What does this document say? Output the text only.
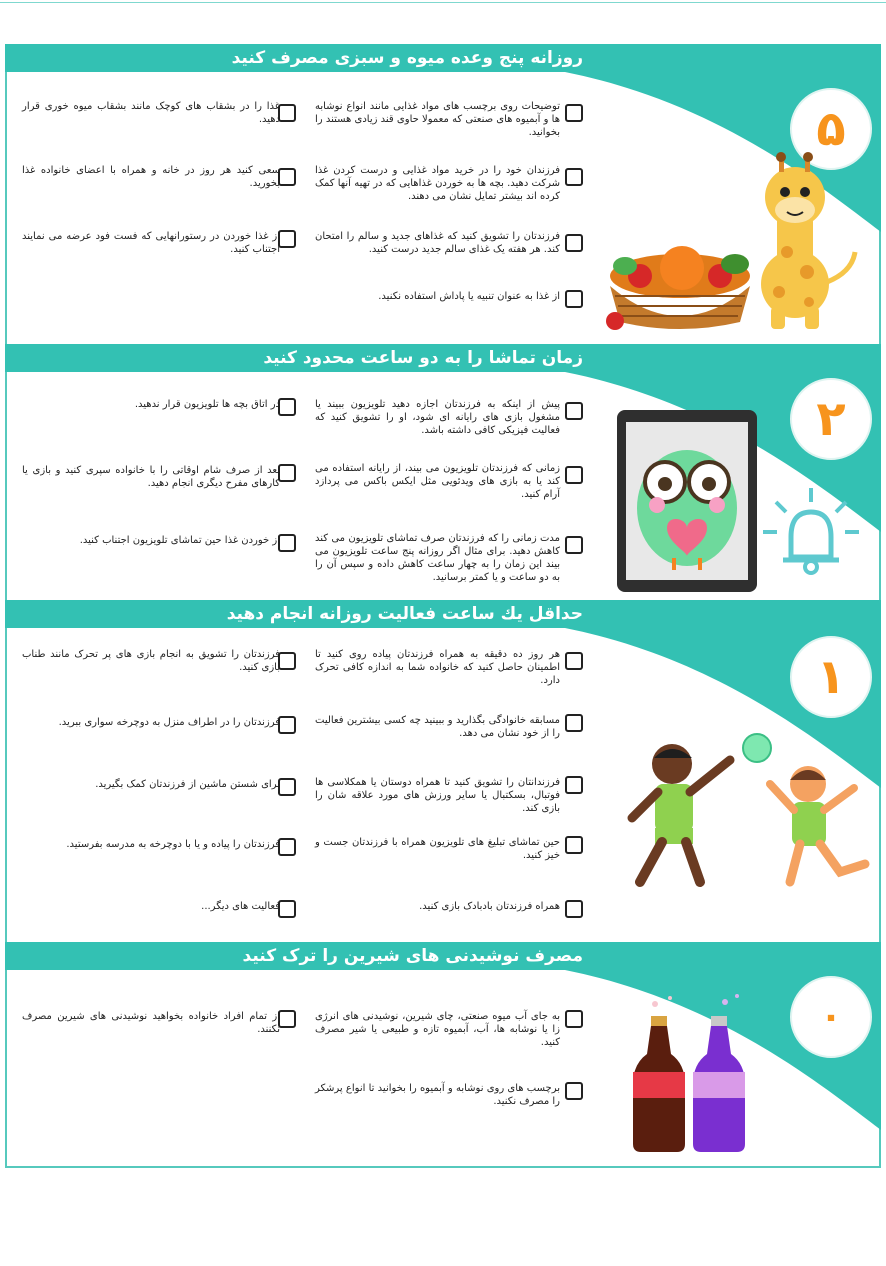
روزانه پنج وعده میوه و سبزی مصرف کنید
۵
توضیحات روی برچسب های مواد غذایی مانند انواع نوشابه ها و آبمیوه های صنعتی که معمولا حاوی قند زیادی هستند را بخوانید.
فرزندان خود را در خرید مواد غذایی و درست کردن غذا شرکت دهید. بچه ها به خوردن غذاهایی که در تهیه آنها کمک کرده اند بیشتر تمایل نشان می دهند.
فرزندتان را تشویق کنید که غذاهای جدید و سالم را امتحان کند. هر هفته یک غذای سالم جدید درست کنید.
از غذا به عنوان تنبیه یا پاداش استفاده نکنید.
غذا را در بشقاب های کوچک مانند بشقاب میوه خوری قرار دهید.
سعی کنید هر روز در خانه و همراه با اعضای خانواده غذا بخورید.
از غذا خوردن در رستورانهایی که فست فود عرضه می نمایند اجتناب کنید.
زمان تماشا را به دو ساعت محدود کنید
۲
پیش از اینکه به فرزندتان اجازه دهید تلویزیون ببیند یا مشغول بازی های رایانه ای شود، او را تشویق کنید که فعالیت فیزیکی کافی داشته باشد.
زمانی که فرزندتان تلویزیون می بیند، از رایانه استفاده می کند یا به بازی های ویدئویی مثل ایکس باکس می پردازد آرام کنید.
مدت زمانی را که فرزندتان صرف تماشای تلویزیون می کند کاهش دهید. برای مثال اگر روزانه پنج ساعت تلویزیون می بیند این زمان را به چهار ساعت کاهش داده و سپس آن را به دو ساعت و یا کمتر برسانید.
در اتاق بچه ها تلویزیون قرار ندهید.
بعد از صرف شام اوقاتی را با خانواده سپری کنید و بازی یا کارهای مفرح دیگری انجام دهید.
از خوردن غذا حین تماشای تلویزیون اجتناب کنید.
حداقل یك ساعت فعالیت روزانه انجام دهید
۱
هر روز ده دقیقه به همراه فرزندتان پیاده روی کنید تا اطمینان حاصل کنید که خانواده شما به اندازه کافی تحرک دارد.
مسابقه خانوادگی بگذارید و ببینید چه کسی بیشترین فعالیت را از خود نشان می دهد.
فرزندانتان را تشویق کنید تا همراه دوستان یا همکلاسی ها فوتبال، بسکتبال یا سایر ورزش های مورد علاقه شان را بازی کند.
حین تماشای تبلیغ های تلویزیون همراه با فرزندتان جست و خیز کنید.
همراه فرزندتان بادبادک بازی کنید.
فرزندتان را تشویق به انجام بازی های پر تحرک مانند طناب بازی کنید.
فرزندتان را در اطراف منزل به دوچرخه سواری ببرید.
برای شستن ماشین از فرزندتان کمک بگیرید.
فرزندتان را پیاده و یا با دوچرخه به مدرسه بفرستید.
فعالیت های دیگر...
مصرف نوشیدنی های شیرین را ترک کنید
۰
به جای آب میوه صنعتی، چای شیرین، نوشیدنی های انرژی زا یا نوشابه ها، آب، آبمیوه تازه و طبیعی یا شیر مصرف کنید.
برچسب های روی نوشابه و آبمیوه را بخوانید تا انواع پرشکر را مصرف نکنید.
از تمام افراد خانواده بخواهید نوشیدنی های شیرین مصرف نکنند.
